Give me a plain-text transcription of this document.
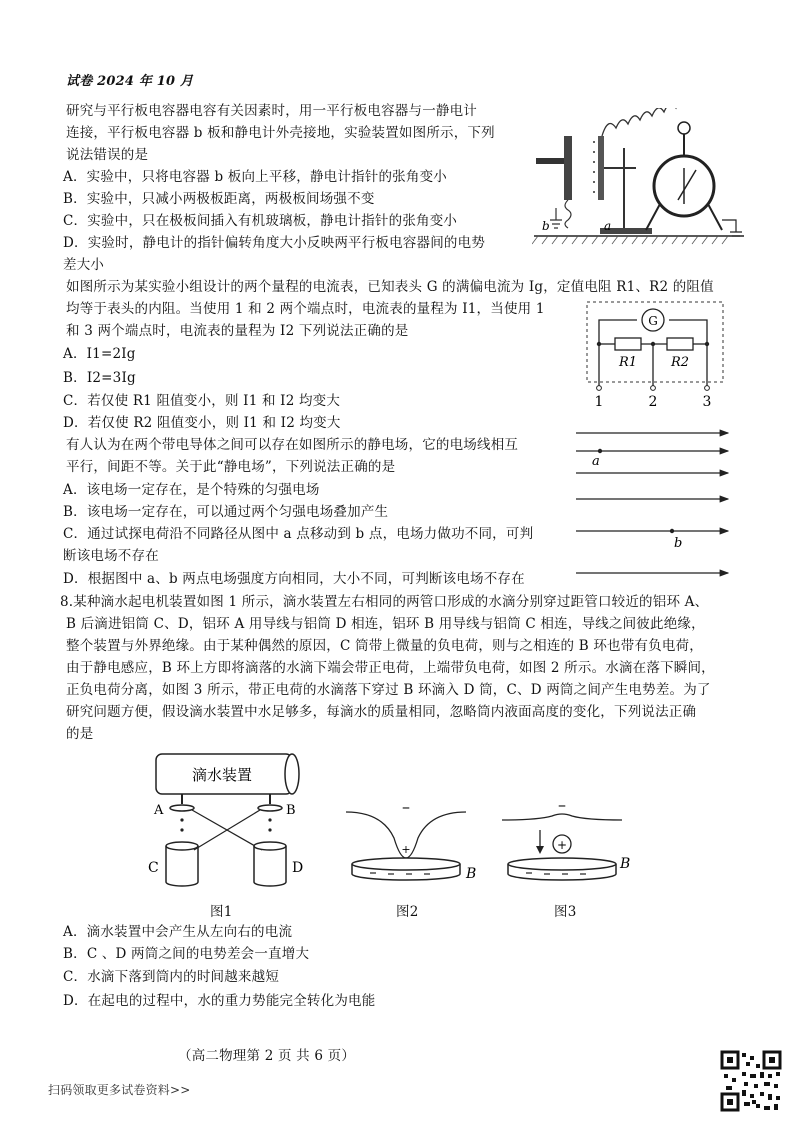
试卷 2024 年 10 月
研究与平行板电容器电容有关因素时，用一平行板电容器与一静电计
连接，平行板电容器 b 板和静电计外壳接地，实验装置如图所示，下列
说法错误的是
A．实验中，只将电容器 b 板向上平移，静电计指针的张角变小
B．实验中，只减小两极板距离，两极板间场强不变
C．实验中，只在极板间插入有机玻璃板，静电计指针的张角变小
D．实验时，静电计的指针偏转角度大小反映两平行板电容器间的电势
差大小
b	a
如图所示为某实验小组设计的两个量程的电流表，已知表头 G 的满偏电流为 Ig，定值电阻 R1、R2 的阻值
均等于表头的内阻。当使用 1 和 2 两个端点时，电流表的量程为 I1，当使用 1
和 3 两个端点时，电流表的量程为 I2 下列说法正确的是
A．I1=2Ig
B．I2=3Ig
C．若仅使 R1 阻值变小，则 I1 和 I2 均变大
D．若仅使 R2 阻值变小，则 I1 和 I2 均变大
G
R1	R2
1	2	3
有人认为在两个带电导体之间可以存在如图所示的静电场，它的电场线相互
平行，间距不等。关于此“静电场”，下列说法正确的是
A．该电场一定存在，是个特殊的匀强电场
B．该电场一定存在，可以通过两个匀强电场叠加产生
C．通过试探电荷沿不同路径从图中 a 点移动到 b 点，电场力做功不同，可判
断该电场不存在
D．根据图中 a、b 两点电场强度方向相同，大小不同，可判断该电场不存在
a
b
8.某种滴水起电机装置如图 1 所示，滴水装置左右相同的两管口形成的水滴分别穿过距管口较近的铝环 A、
B 后滴进铝筒 C、D，铝环 A 用导线与铝筒 D 相连，铝环 B 用导线与铝筒 C 相连，导线之间彼此绝缘，
整个装置与外界绝缘。由于某种偶然的原因，C 筒带上微量的负电荷，则与之相连的 B 环也带有负电荷，
由于静电感应，B 环上方即将滴落的水滴下端会带正电荷，上端带负电荷，如图 2 所示。水滴在落下瞬间，
正负电荷分离，如图 3 所示，带正电荷的水滴落下穿过 B 环滴入 D 筒，C、D 两筒之间产生电势差。为了
研究问题方便，假设滴水装置中水足够多，每滴水的质量相同，忽略筒内液面高度的变化，下列说法正确
的是
滴水装置
A	B
C	D
图1
–
+
B
图2
–
+
B
图3
A．滴水装置中会产生从左向右的电流
B．C 、D 两筒之间的电势差会一直增大
C．水滴下落到筒内的时间越来越短
D．在起电的过程中，水的重力势能完全转化为电能
（高二物理第 2 页 共 6 页）
扫码领取更多试卷资料>>
